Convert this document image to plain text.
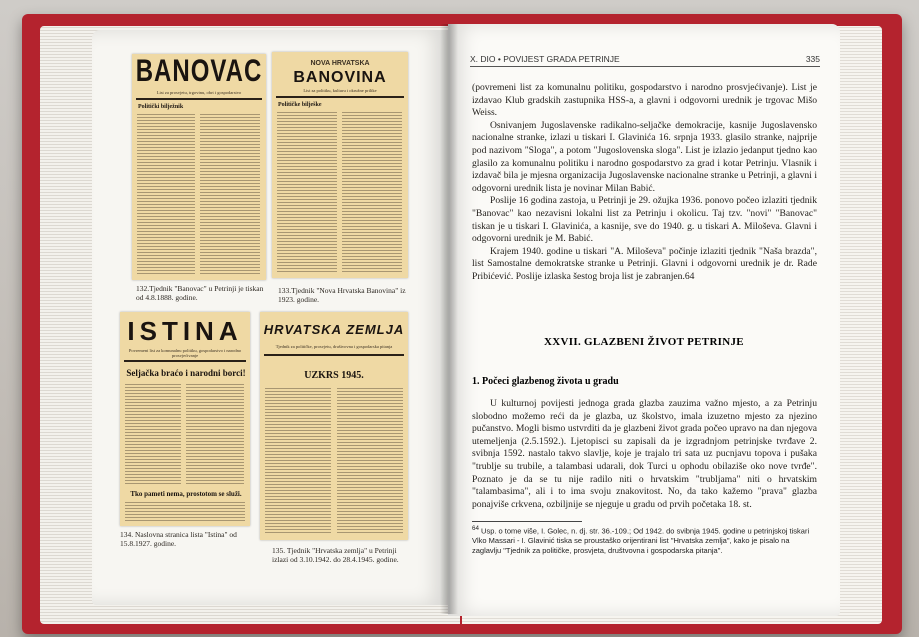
BANOVAC
List za prosvjetu, trgovinu, obrt i gospodarstvo
Politički bilježnik
NOVA HRVATSKA
BANOVINA
List za politiku, kulturu i okružne prilike
Političke bilješke
132.Tjednik "Banovac" u Petrinji je tiskan od 4.8.1888. godine.
133.Tjednik "Nova Hrvatska Banovina" iz 1923. godine.
ISTINA
Povremeni list za komunalnu politiku, gospodarstvo i narodno prosvjećivanje
Seljačka braćo i narodni borci!
Tko pameti nema, prostotom se služi.
HRVATSKA ZEMLJA
Tjednik za političke, prosvjetu, društvovna i gospodarska pitanja
UZKRS 1945.
134. Naslovna stranica lista "Istina" od 15.8.1927. godine.
135. Tjednik "Hrvatska zemlja" u Petrinji izlazi od 3.10.1942. do 28.4.1945. godine.
X. DIO • POVIJEST GRADA PETRINJE	335

(povremeni list za komunalnu politiku, gospodarstvo i narodno prosvjećivanje). List je izdavao Klub gradskih zastupnika HSS-a, a glavni i odgovorni urednik je trgovac Mišo Weiss.

Osnivanjem Jugoslavenske radikalno-seljačke demokracije, kasnije Jugoslavensko nacionalne stranke, izlazi u tiskari I. Glavinića 16. srpnja 1933. glasilo stranke, najprije pod nazivom "Sloga", a potom "Jugoslovenska sloga". List je izlazio jedanput tjedno kao glasilo za komunalnu politiku i narodno gospodarstvo za grad i kotar Petrinju. Vlasnik i izdavač bila je mjesna organizacija Jugoslavenske nacionalne stranke u Petrinji, a glavni i odgovorni urednik lista je novinar Milan Babić.

Poslije 16 godina zastoja, u Petrinji je 29. ožujka 1936. ponovo počeo izlaziti tjednik "Banovac" kao nezavisni lokalni list za Petrinju i okolicu. Taj tzv. "novi" "Banovac" tiskan je u tiskari I. Glavinića, a kasnije, sve do 1940. g. u tiskari A. Miloševa. Glavni i odgovorni urednik je M. Babić.

Krajem 1940. godine u tiskari "A. Miloševa" počinje izlaziti tjednik "Naša brazda", list Samostalne demokratske stranke u Petrinji. Glavni i odgovorni urednik je dr. Rade Pribićević. Poslije izlaska šestog broja list je zabranjen.64

XXVII. GLAZBENI ŽIVOT PETRINJE
1. Počeci glazbenog života u gradu

U kulturnoj povijesti jednoga grada glazba zauzima važno mjesto, a za Petrinju slobodno možemo reći da je glazba, uz školstvo, imala izuzetno mjesto za njezino pučanstvo. Mogli bismo ustvrditi da je glazbeni život grada počeo upravo na dan njegova utemeljenja (2.5.1592.). Ljetopisci su zapisali da je izgradnjom petrinjske tvrđave 2. svibnja 1592. nastalo takvo slavlje, koje je trajalo tri sata uz pucnjavu topova i pušaka "trublje su trubile, a talambasi udarali, dok Turci u ophodu obilaziše oko nove tvrđe". Poznato je da se tu nije radilo niti o hrvatskim "trubljama" niti o hrvatskim "talambasima", ali i to ima svoju znakovitost. No, da tako kažemo "prava" glazba ponajviše crkvena, ozbiljnije se njeguje u gradu od prvih početaka 18. st.

$^{64}$ Usp. o tome više, I. Golec, n. dj. str. 36.-109.; Od 1942. do svibnja 1945. godine u petrinjskoj tiskari Vlko Massari - I. Glavinić tiska se proustaško orijentirani list "Hrvatska zemlja", kako je pisalo na zaglavlju "Tjednik za političke, prosvjeta, društvovna i gospodarska pitanja".
